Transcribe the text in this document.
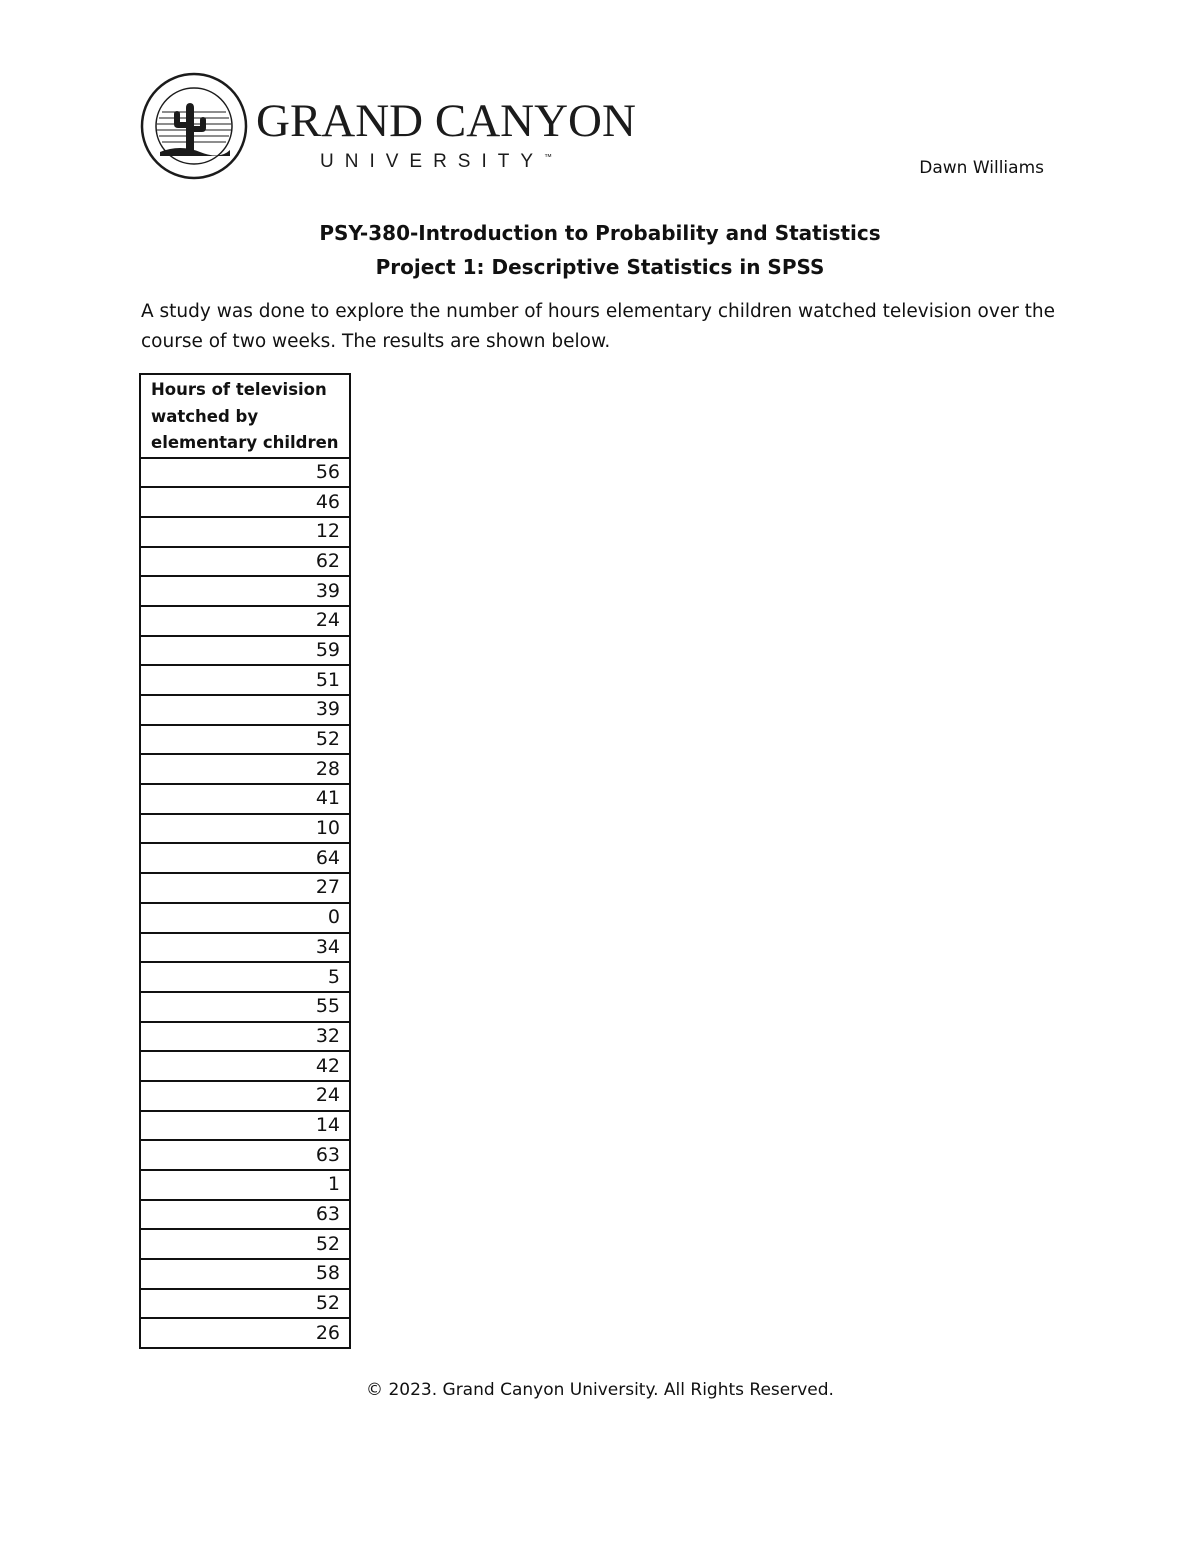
GRAND CANYON
UNIVERSITY™
Dawn Williams
PSY-380-Introduction to Probability and Statistics
Project 1: Descriptive Statistics in SPSS
A study was done to explore the number of hours elementary children watched television over the course of two weeks. The results are shown below.
Hours of television watched by elementary children
56
46
12
62
39
24
59
51
39
52
28
41
10
64
27
0
34
5
55
32
42
24
14
63
1
63
52
58
52
26
© 2023. Grand Canyon University. All Rights Reserved.
